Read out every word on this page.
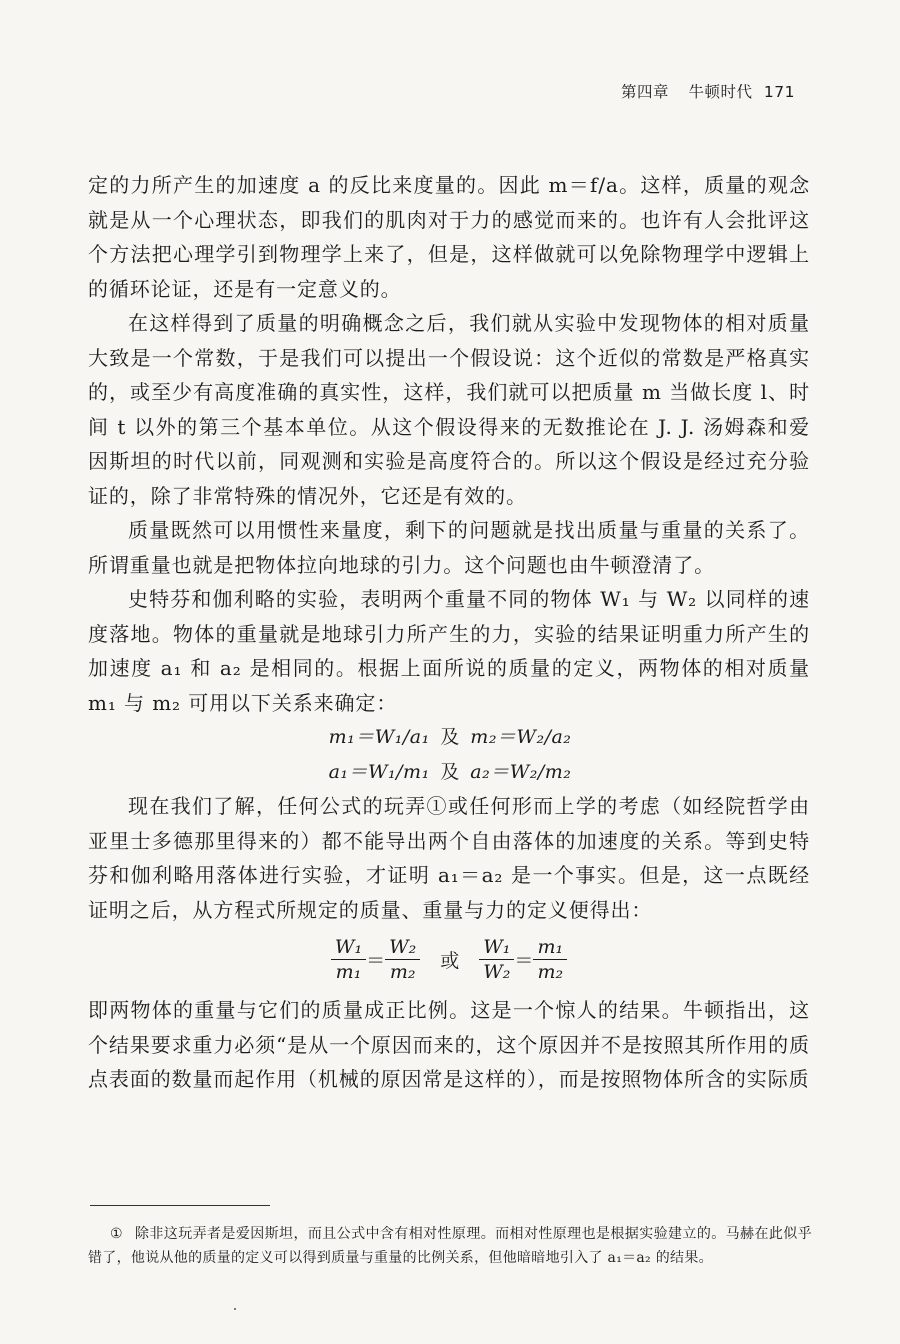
第四章 牛顿时代 171

定的力所产生的加速度 a 的反比来度量的。因此 m＝f/a。这样，质量的观念就是从一个心理状态，即我们的肌肉对于力的感觉而来的。也许有人会批评这个方法把心理学引到物理学上来了，但是，这样做就可以免除物理学中逻辑上的循环论证，还是有一定意义的。

在这样得到了质量的明确概念之后，我们就从实验中发现物体的相对质量大致是一个常数，于是我们可以提出一个假设说：这个近似的常数是严格真实的，或至少有高度准确的真实性，这样，我们就可以把质量 m 当做长度 l、时间 t 以外的第三个基本单位。从这个假设得来的无数推论在 J. J. 汤姆森和爱因斯坦的时代以前，同观测和实验是高度符合的。所以这个假设是经过充分验证的，除了非常特殊的情况外，它还是有效的。

质量既然可以用惯性来量度，剩下的问题就是找出质量与重量的关系了。所谓重量也就是把物体拉向地球的引力。这个问题也由牛顿澄清了。

史特芬和伽利略的实验，表明两个重量不同的物体 W₁ 与 W₂ 以同样的速度落地。物体的重量就是地球引力所产生的力，实验的结果证明重力所产生的加速度 a₁ 和 a₂ 是相同的。根据上面所说的质量的定义，两物体的相对质量 m₁ 与 m₂ 可用以下关系来确定：

m₁＝W₁/a₁ 及 m₂＝W₂/a₂
a₁＝W₁/m₁ 及 a₂＝W₂/m₂

现在我们了解，任何公式的玩弄①或任何形而上学的考虑（如经院哲学由亚里士多德那里得来的）都不能导出两个自由落体的加速度的关系。等到史特芬和伽利略用落体进行实验，才证明 a₁＝a₂ 是一个事实。但是，这一点既经证明之后，从方程式所规定的质量、重量与力的定义便得出：

$\frac{\text{W₁}}{\text{m₁}} = \frac{\text{W₂}}{\text{m₂}}$ 或 $\frac{\text{W₁}}{\text{W₂}} = \frac{\text{m₁}}{\text{m₂}}$

即两物体的重量与它们的质量成正比例。这是一个惊人的结果。牛顿指出，这个结果要求重力必须“是从一个原因而来的，这个原因并不是按照其所作用的质点表面的数量而起作用（机械的原因常是这样的），而是按照物体所含的实际质

① 除非这玩弄者是爱因斯坦，而且公式中含有相对性原理。而相对性原理也是根据实验建立的。马赫在此似乎错了，他说从他的质量的定义可以得到质量与重量的比例关系，但他暗暗地引入了 a₁＝a₂ 的结果。
